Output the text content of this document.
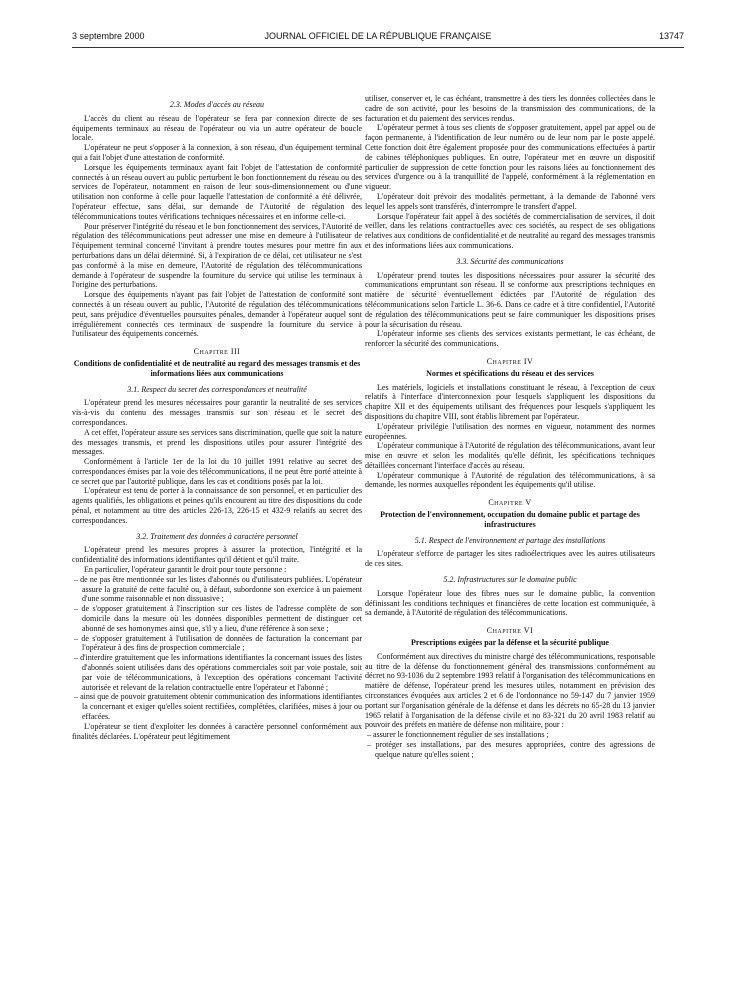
3 septembre 2000	JOURNAL OFFICIEL DE LA RÉPUBLIQUE FRANÇAISE	13747
2.3. Modes d'accès au réseau

L'accès du client au réseau de l'opérateur se fera par connexion directe de ses équipements terminaux au réseau de l'opérateur ou via un autre opérateur de boucle locale.

L'opérateur ne peut s'opposer à la connexion, à son réseau, d'un équipement terminal qui a fait l'objet d'une attestation de conformité.

Lorsque les équipements terminaux ayant fait l'objet de l'attestation de conformité connectés à un réseau ouvert au public perturbent le bon fonctionnement du réseau ou des services de l'opérateur, notamment en raison de leur sous-dimensionnement ou d'une utilisation non conforme à celle pour laquelle l'attestation de conformité a été délivrée, l'opérateur effectue, sans délai, sur demande de l'Autorité de régulation des télécommunications toutes vérifications techniques nécessaires et en informe celle-ci.

Pour préserver l'intégrité du réseau et le bon fonctionnement des services, l'Autorité de régulation des télécommunications peut adresser une mise en demeure à l'utilisateur de l'équipement terminal concerné l'invitant à prendre toutes mesures pour mettre fin aux perturbations dans un délai déterminé. Si, à l'expiration de ce délai, cet utilisateur ne s'est pas conformé à la mise en demeure, l'Autorité de régulation des télécommunications demande à l'opérateur de suspendre la fourniture du service qui utilise les terminaux à l'origine des perturbations.

Lorsque des équipements n'ayant pas fait l'objet de l'attestation de conformité sont connectés à un réseau ouvert au public, l'Autorité de régulation des télécommunications peut, sans préjudice d'éventuelles poursuites pénales, demander à l'opérateur auquel sont irrégulièrement connectés ces terminaux de suspendre la fourniture du service à l'utilisateur des équipements concernés.

Chapitre III
Conditions de confidentialité et de neutralité au regard des messages transmis et des informations liées aux communications
3.1. Respect du secret des correspondances et neutralité

L'opérateur prend les mesures nécessaires pour garantir la neutralité de ses services vis-à-vis du contenu des messages transmis sur son réseau et le secret des correspondances.

A cet effet, l'opérateur assure ses services sans discrimination, quelle que soit la nature des messages transmis, et prend les dispositions utiles pour assurer l'intégrité des messages.

Conformément à l'article 1er de la loi du 10 juillet 1991 relative au secret des correspondances émises par la voie des télécommunications, il ne peut être porté atteinte à ce secret que par l'autorité publique, dans les cas et conditions posés par la loi.

L'opérateur est tenu de porter à la connaissance de son personnel, et en particulier des agents qualifiés, les obligations et peines qu'ils encourent au titre des dispositions du code pénal, et notamment au titre des articles 226-13, 226-15 et 432-9 relatifs au secret des correspondances.

3.2. Traitement des données à caractère personnel

L'opérateur prend les mesures propres à assurer la protection, l'intégrité et la confidentialité des informations identifiantes qu'il détient et qu'il traite.

En particulier, l'opérateur garantit le droit pour toute personne :

– de ne pas être mentionnée sur les listes d'abonnés ou d'utilisateurs publiées. L'opérateur assure la gratuité de cette faculté ou, à défaut, subordonne son exercice à un paiement d'une somme raisonnable et non dissuasive ;
– de s'opposer gratuitement à l'inscription sur ces listes de l'adresse complète de son domicile dans la mesure où les données disponibles permettent de distinguer cet abonné de ses homonymes ainsi que, s'il y a lieu, d'une référence à son sexe ;
– de s'opposer gratuitement à l'utilisation de données de facturation la concernant par l'opérateur à des fins de prospection commerciale ;
– d'interdire gratuitement que les informations identifiantes la concernant issues des listes d'abonnés soient utilisées dans des opérations commerciales soit par voie postale, soit par voie de télécommunications, à l'exception des opérations concernant l'activité autorisée et relevant de la relation contractuelle entre l'opérateur et l'abonné ;
– ainsi que de pouvoir gratuitement obtenir communication des informations identifiantes la concernant et exiger qu'elles soient rectifiées, complétées, clarifiées, mises à jour ou effacées.

L'opérateur se tient d'exploiter les données à caractère personnel conformément aux finalités déclarées. L'opérateur peut légitimement

utiliser, conserver et, le cas échéant, transmettre à des tiers les données collectées dans le cadre de son activité, pour les besoins de la transmission des communications, de la facturation et du paiement des services rendus.

L'opérateur permet à tous ses clients de s'opposer gratuitement, appel par appel ou de façon permanente, à l'identification de leur numéro ou de leur nom par le poste appelé. Cette fonction doit être également proposée pour des communications effectuées à partir de cabines téléphoniques publiques. En outre, l'opérateur met en œuvre un dispositif particulier de suppression de cette fonction pour les raisons liées au fonctionnement des services d'urgence ou à la tranquillité de l'appelé, conformément à la réglementation en vigueur.

L'opérateur doit prévoir des modalités permettant, à la demande de l'abonné vers lequel les appels sont transférés, d'interrompre le transfert d'appel.

Lorsque l'opérateur fait appel à des sociétés de commercialisation de services, il doit veiller, dans les relations contractuelles avec ces sociétés, au respect de ses obligations relatives aux conditions de confidentialité et de neutralité au regard des messages transmis et des informations liées aux communications.

3.3. Sécurité des communications

L'opérateur prend toutes les dispositions nécessaires pour assurer la sécurité des communications empruntant son réseau. Il se conforme aux prescriptions techniques en matière de sécurité éventuellement édictées par l'Autorité de régulation des télécommunications selon l'article L. 36-6. Dans ce cadre et à titre confidentiel, l'Autorité de régulation des télécommunications peut se faire communiquer les dispositions prises pour la sécurisation du réseau.

L'opérateur informe ses clients des services existants permettant, le cas échéant, de renforcer la sécurité des communications.

Chapitre IV
Normes et spécifications du réseau et des services

Les matériels, logiciels et installations constituant le réseau, à l'exception de ceux relatifs à l'interface d'interconnexion pour lesquels s'appliquent les dispositions du chapitre XII et des équipements utilisant des fréquences pour lesquels s'appliquent les dispositions du chapitre VIII, sont établis librement par l'opérateur.

L'opérateur privilégie l'utilisation des normes en vigueur, notamment des normes européennes.

L'opérateur communique à l'Autorité de régulation des télécommunications, avant leur mise en œuvre et selon les modalités qu'elle définit, les spécifications techniques détaillées concernant l'interface d'accès au réseau.

L'opérateur communique à l'Autorité de régulation des télécommunications, à sa demande, les normes auxquelles répondent les équipements qu'il utilise.

Chapitre V
Protection de l'environnement, occupation du domaine public et partage des infrastructures
5.1. Respect de l'environnement et partage des installations

L'opérateur s'efforce de partager les sites radioélectriques avec les autres utilisateurs de ces sites.

5.2. Infrastructures sur le domaine public

Lorsque l'opérateur loue des fibres nues sur le domaine public, la convention définissant les conditions techniques et financières de cette location est communiquée, à sa demande, à l'Autorité de régulation des télécommunications.

Chapitre VI
Prescriptions exigées par la défense et la sécurité publique

Conformément aux directives du ministre chargé des télécommunications, responsable au titre de la défense du fonctionnement général des transmissions conformément au décret no 93-1036 du 2 septembre 1993 relatif à l'organisation des télécommunications en matière de défense, l'opérateur prend les mesures utiles, notamment en prévision des circonstances évoquées aux articles 2 et 6 de l'ordonnance no 59-147 du 7 janvier 1959 portant sur l'organisation générale de la défense et dans les décrets no 65-28 du 13 janvier 1965 relatif à l'organisation de la défense civile et no 83-321 du 20 avril 1983 relatif au pouvoir des préfets en matière de défense non militaire, pour :

– assurer le fonctionnement régulier de ses installations ;
– protéger ses installations, par des mesures appropriées, contre des agressions de quelque nature qu'elles soient ;
